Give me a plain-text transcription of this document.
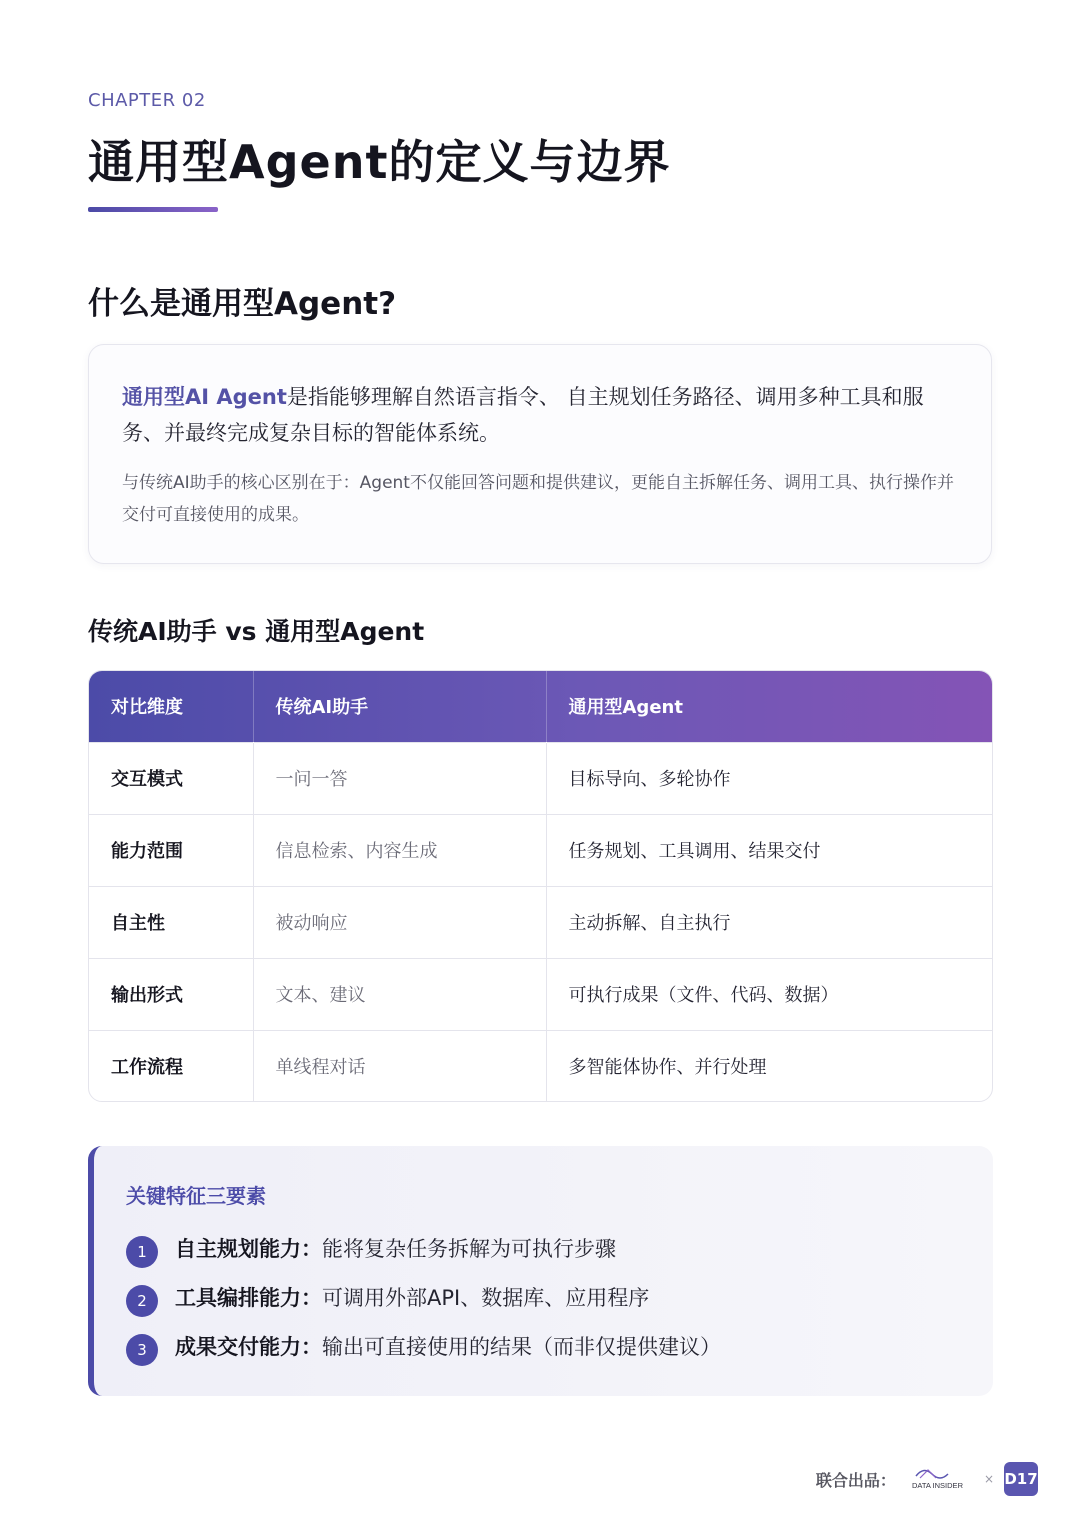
CHAPTER 02
通用型Agent的定义与边界
什么是通用型Agent?

通用型AI Agent是指能够理解自然语言指令、 自主规划任务路径、调用多种工具和服务、并最终完成复杂目标的智能体系统。

与传统AI助手的核心区别在于：Agent不仅能回答问题和提供建议，更能自主拆解任务、调用工具、执行操作并交付可直接使用的成果。

传统AI助手 vs 通用型Agent
对比维度	传统AI助手	通用型Agent
交互模式	一问一答	目标导向、多轮协作
能力范围	信息检索、内容生成	任务规划、工具调用、结果交付
自主性	被动响应	主动拆解、自主执行
输出形式	文本、建议	可执行成果（文件、代码、数据）
工作流程	单线程对话	多智能体协作、并行处理
关键特征三要素
1	自主规划能力：能将复杂任务拆解为可执行步骤
2	工具编排能力：可调用外部API、数据库、应用程序
3	成果交付能力：输出可直接使用的结果（而非仅提供建议）
联合出品： DATA INSIDER × D17
